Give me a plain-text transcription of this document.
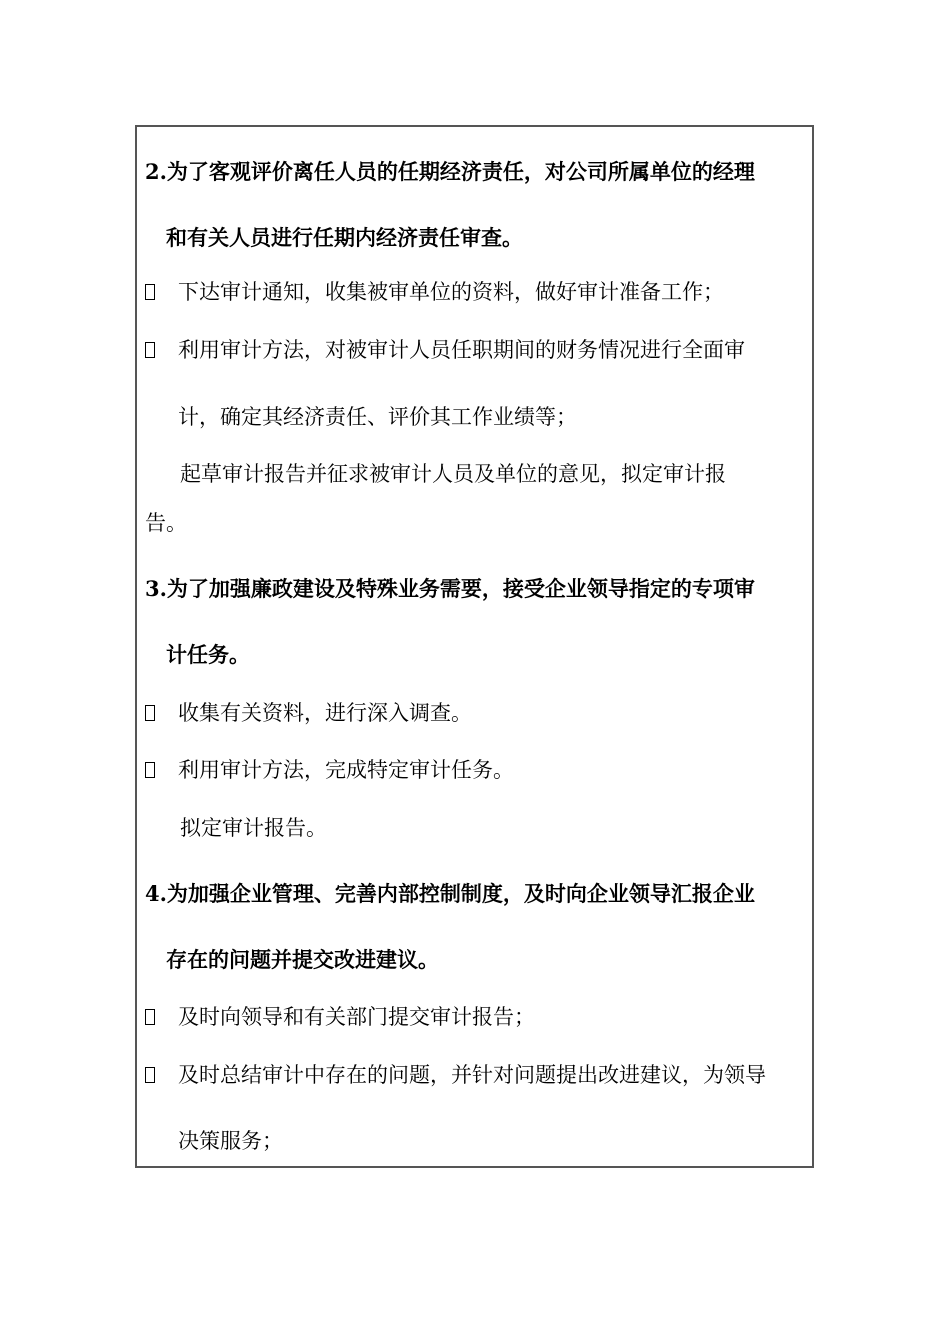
2.为了客观评价离任人员的任期经济责任，对公司所属单位的经理
和有关人员进行任期内经济责任审查。
下达审计通知，收集被审单位的资料，做好审计准备工作；
利用审计方法，对被审计人员任职期间的财务情况进行全面审
计，确定其经济责任、评价其工作业绩等；
起草审计报告并征求被审计人员及单位的意见，拟定审计报
告。
3.为了加强廉政建设及特殊业务需要，接受企业领导指定的专项审
计任务。
收集有关资料，进行深入调查。
利用审计方法，完成特定审计任务。
拟定审计报告。
4.为加强企业管理、完善内部控制制度，及时向企业领导汇报企业
存在的问题并提交改进建议。
及时向领导和有关部门提交审计报告；
及时总结审计中存在的问题，并针对问题提出改进建议，为领导
决策服务；
